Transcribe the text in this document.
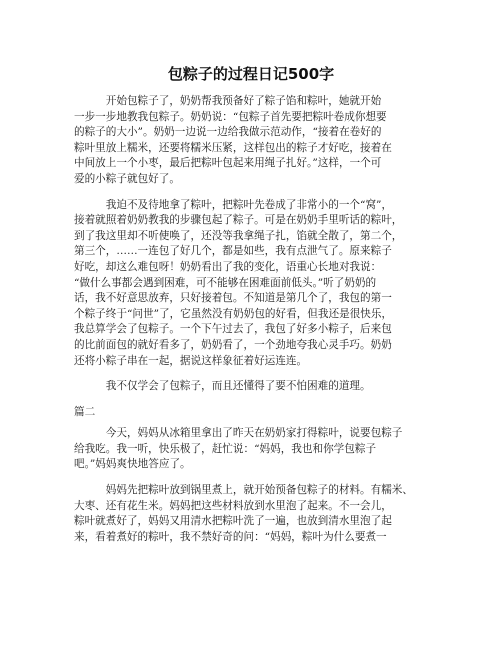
包粽子的过程日记500字
　　　开始包粽子了，奶奶帮我预备好了粽子馅和粽叶，她就开始
一步一步地教我包粽子。奶奶说：“包粽子首先要把粽叶卷成你想要
的粽子的大小”。奶奶一边说一边给我做示范动作，“接着在卷好的
粽叶里放上糯米，还要将糯米压紧，这样包出的粽子才好吃，接着在
中间放上一个小枣，最后把粽叶包起来用绳子扎好。”这样，一个可
爱的小粽子就包好了。
　　　我迫不及待地拿了粽叶，把粽叶先卷成了非常小的一个“窝”，
接着就照着奶奶教我的步骤包起了粽子。可是在奶奶手里听话的粽叶，
到了我这里却不听使唤了，还没等我拿绳子扎，馅就全散了，第二个，
第三个，……一连包了好几个，都是如些，我有点泄气了。原来粽子
好吃，却这么难包呀！奶奶看出了我的变化，语重心长地对我说：
“做什么事都会遇到困难，可不能够在困难面前低头。”听了奶奶的
话，我不好意思放弃，只好接着包。不知道是第几个了，我包的第一
个粽子终于“问世”了，它虽然没有奶奶包的好看，但我还是很快乐，
我总算学会了包粽子。一个下午过去了，我包了好多小粽子，后来包
的比前面包的就好看多了，奶奶看了，一个劲地夸我心灵手巧。奶奶
还将小粽子串在一起，据说这样象征着好运连连。
　　　我不仅学会了包粽子，而且还懂得了要不怕困难的道理。
篇二
　　　今天，妈妈从冰箱里拿出了昨天在奶奶家打得粽叶，说要包粽子
给我吃。我一听，快乐极了，赶忙说：“妈妈，我也和你学包粽子
吧。”妈妈爽快地答应了。
　　　妈妈先把粽叶放到锅里煮上，就开始预备包粽子的材料。有糯米、
大枣、还有花生米。妈妈把这些材料放到水里泡了起来。不一会儿，
粽叶就煮好了，妈妈又用清水把粽叶洗了一遍，也放到清水里泡了起
来，看着煮好的粽叶，我不禁好奇的问：“妈妈，粽叶为什么要煮一
